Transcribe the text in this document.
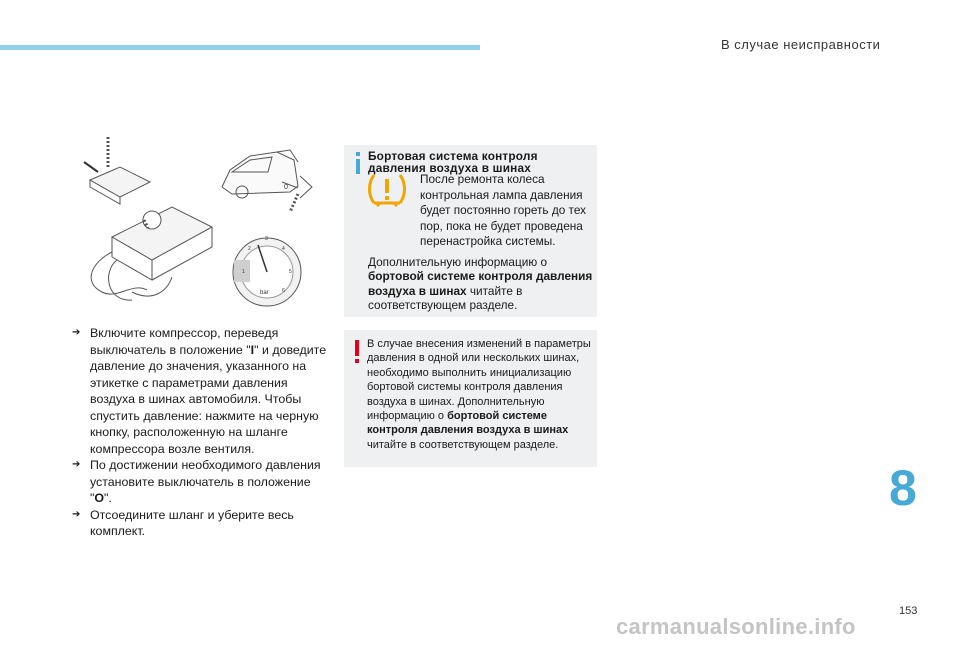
В случае неисправности
1
2
3
4
5
6
bar
0
➔ Включите компрессор, переведя выключатель в положение "I" и доведите давление до значения, указанного на этикетке с параметрами давления воздуха в шинах автомобиля. Чтобы спустить давление: нажмите на черную кнопку, расположенную на шланге компрессора возле вентиля.
➔ По достижении необходимого давления установите выключатель в положение "O".
➔ Отсоедините шланг и уберите весь комплект.
Бортовая система контроля
давления воздуха в шинах
После ремонта колеса контрольная лампа давления будет постоянно гореть до тех пор, пока не будет проведена перенастройка системы.
Дополнительную информацию о бортовой системе контроля давления воздуха в шинах читайте в соответствующем разделе.
В случае внесения изменений в параметры давления в одной или нескольких шинах, необходимо выполнить инициализацию бортовой системы контроля давления воздуха в шинах. Дополнительную информацию о бортовой системе контроля давления воздуха в шинах читайте в соответствующем разделе.
8
153
carmanualsonline.info
